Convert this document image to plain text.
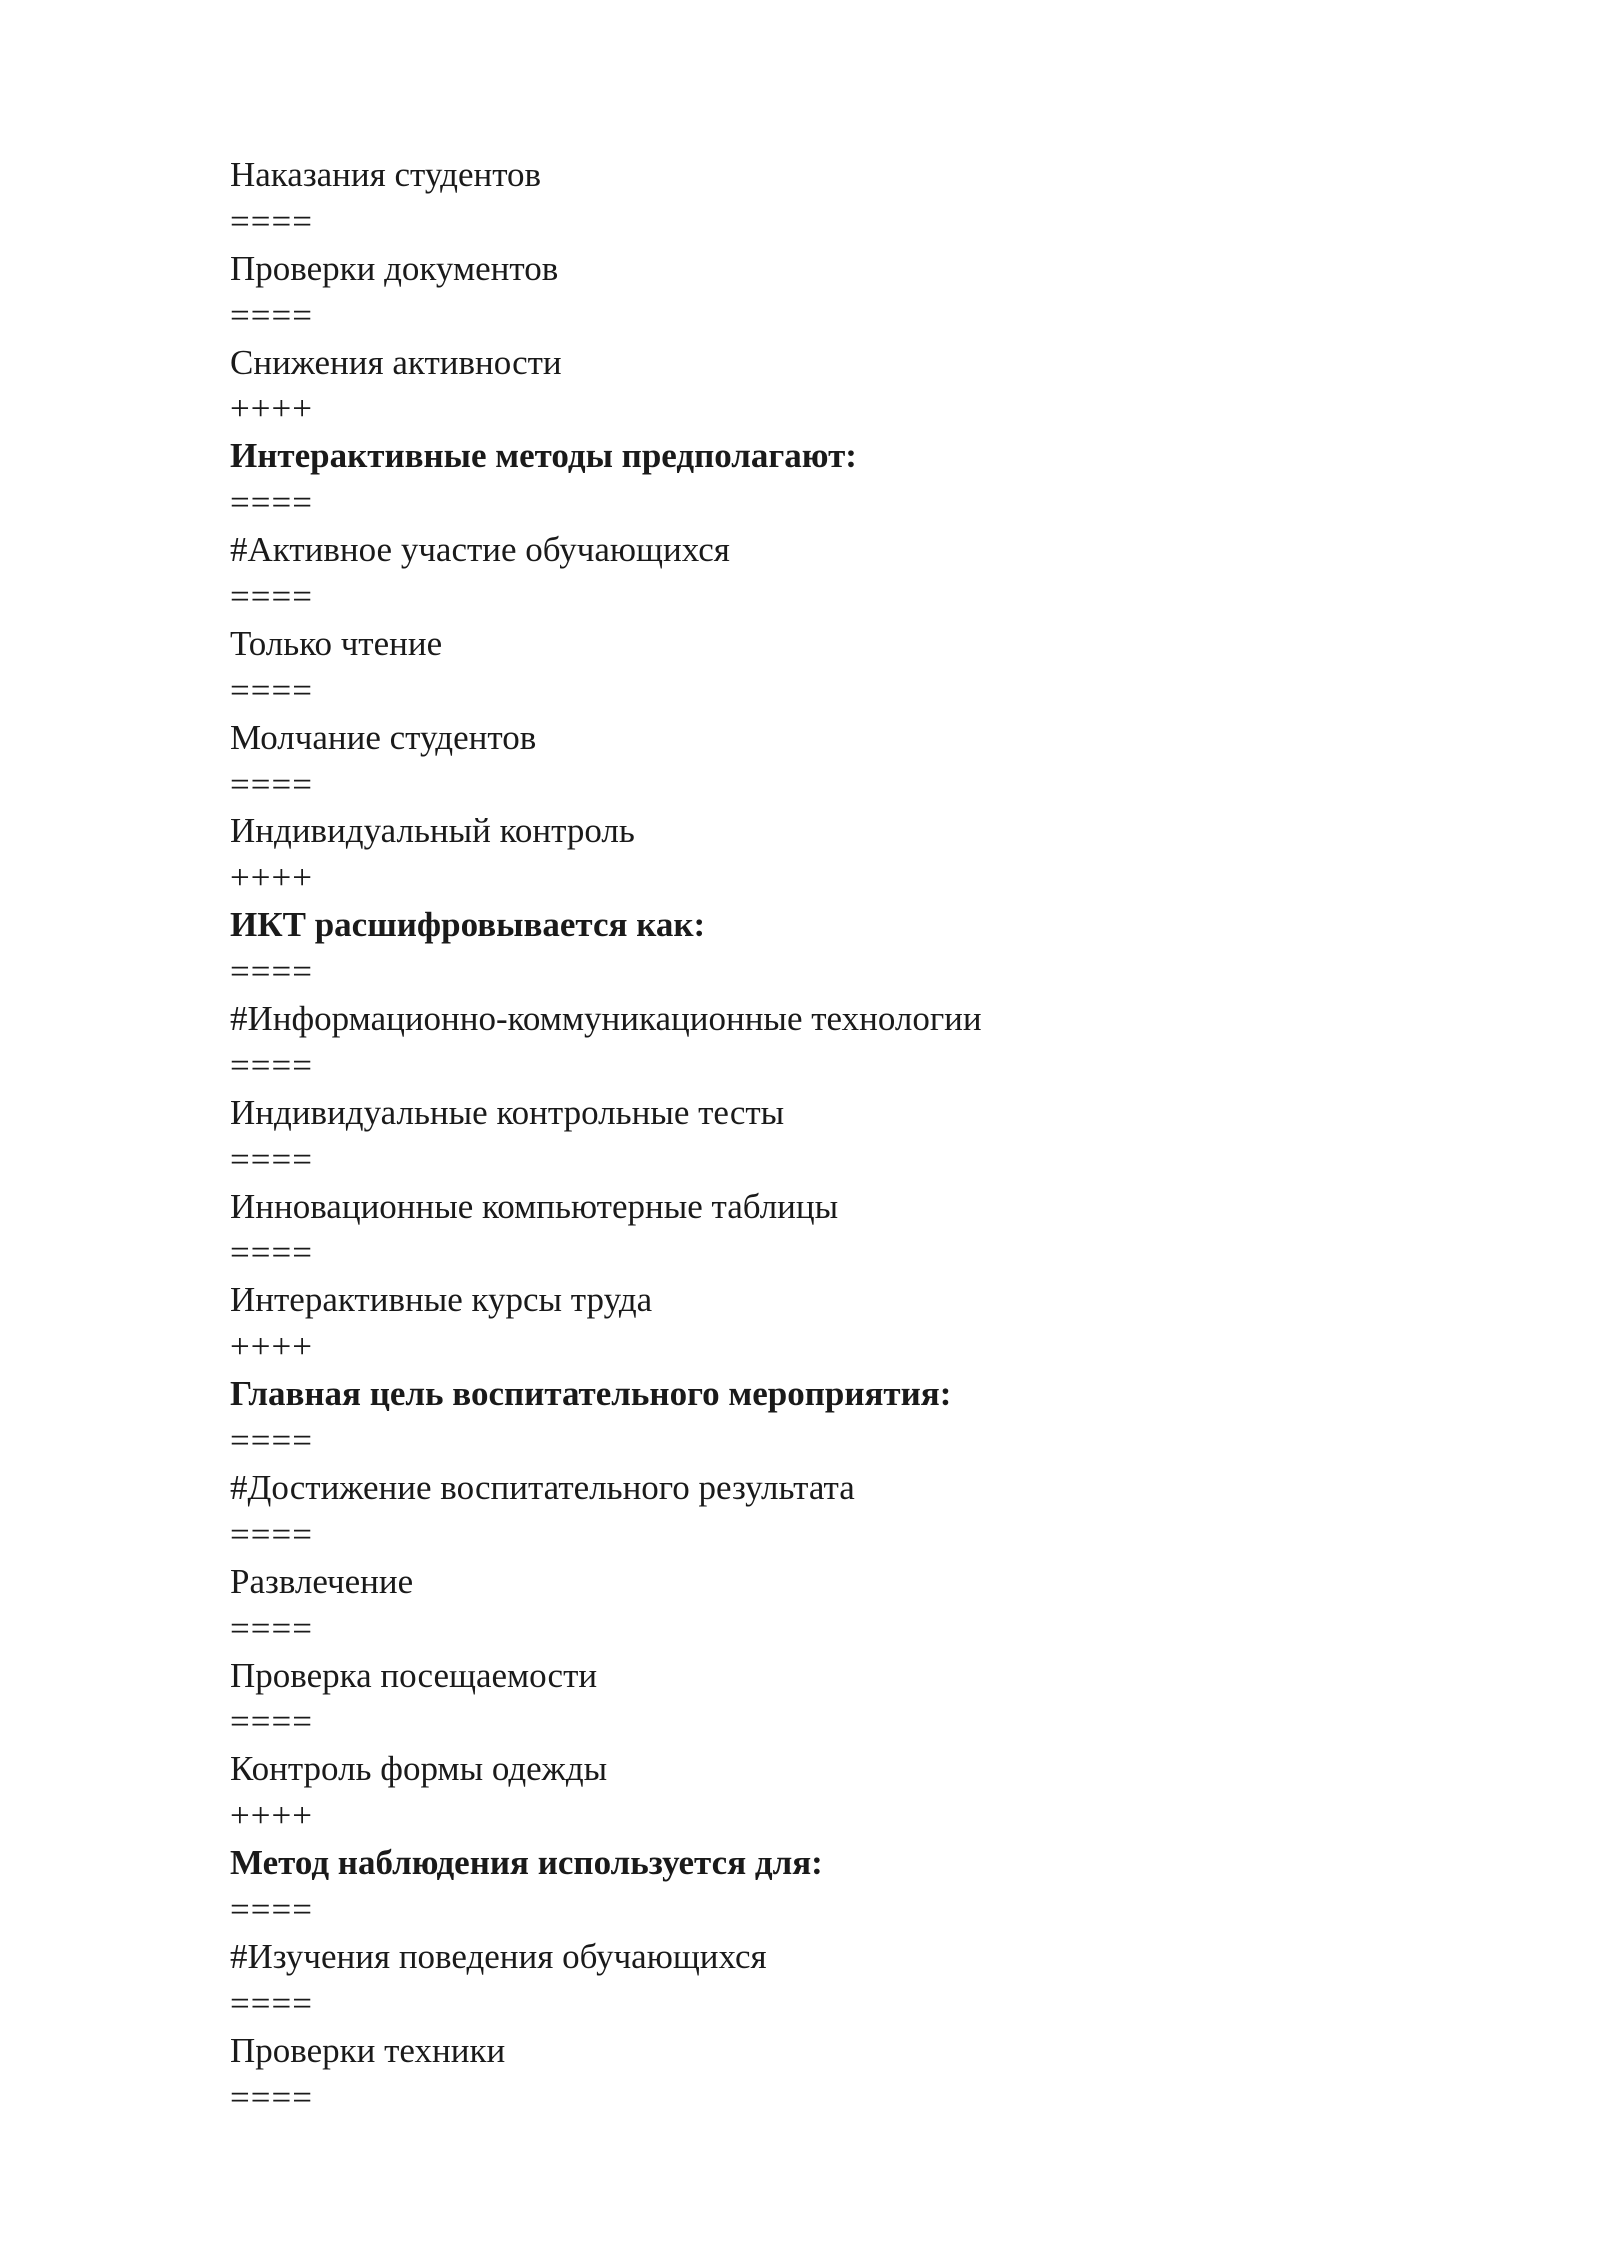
Наказания студентов
====
Проверки документов
====
Снижения активности
++++
Интерактивные методы предполагают:
====
#Активное участие обучающихся
====
Только чтение
====
Молчание студентов
====
Индивидуальный контроль
++++
ИКТ расшифровывается как:
====
#Информационно-коммуникационные технологии
====
Индивидуальные контрольные тесты
====
Инновационные компьютерные таблицы
====
Интерактивные курсы труда
++++
Главная цель воспитательного мероприятия:
====
#Достижение воспитательного результата
====
Развлечение
====
Проверка посещаемости
====
Контроль формы одежды
++++
Метод наблюдения используется для:
====
#Изучения поведения обучающихся
====
Проверки техники
====
